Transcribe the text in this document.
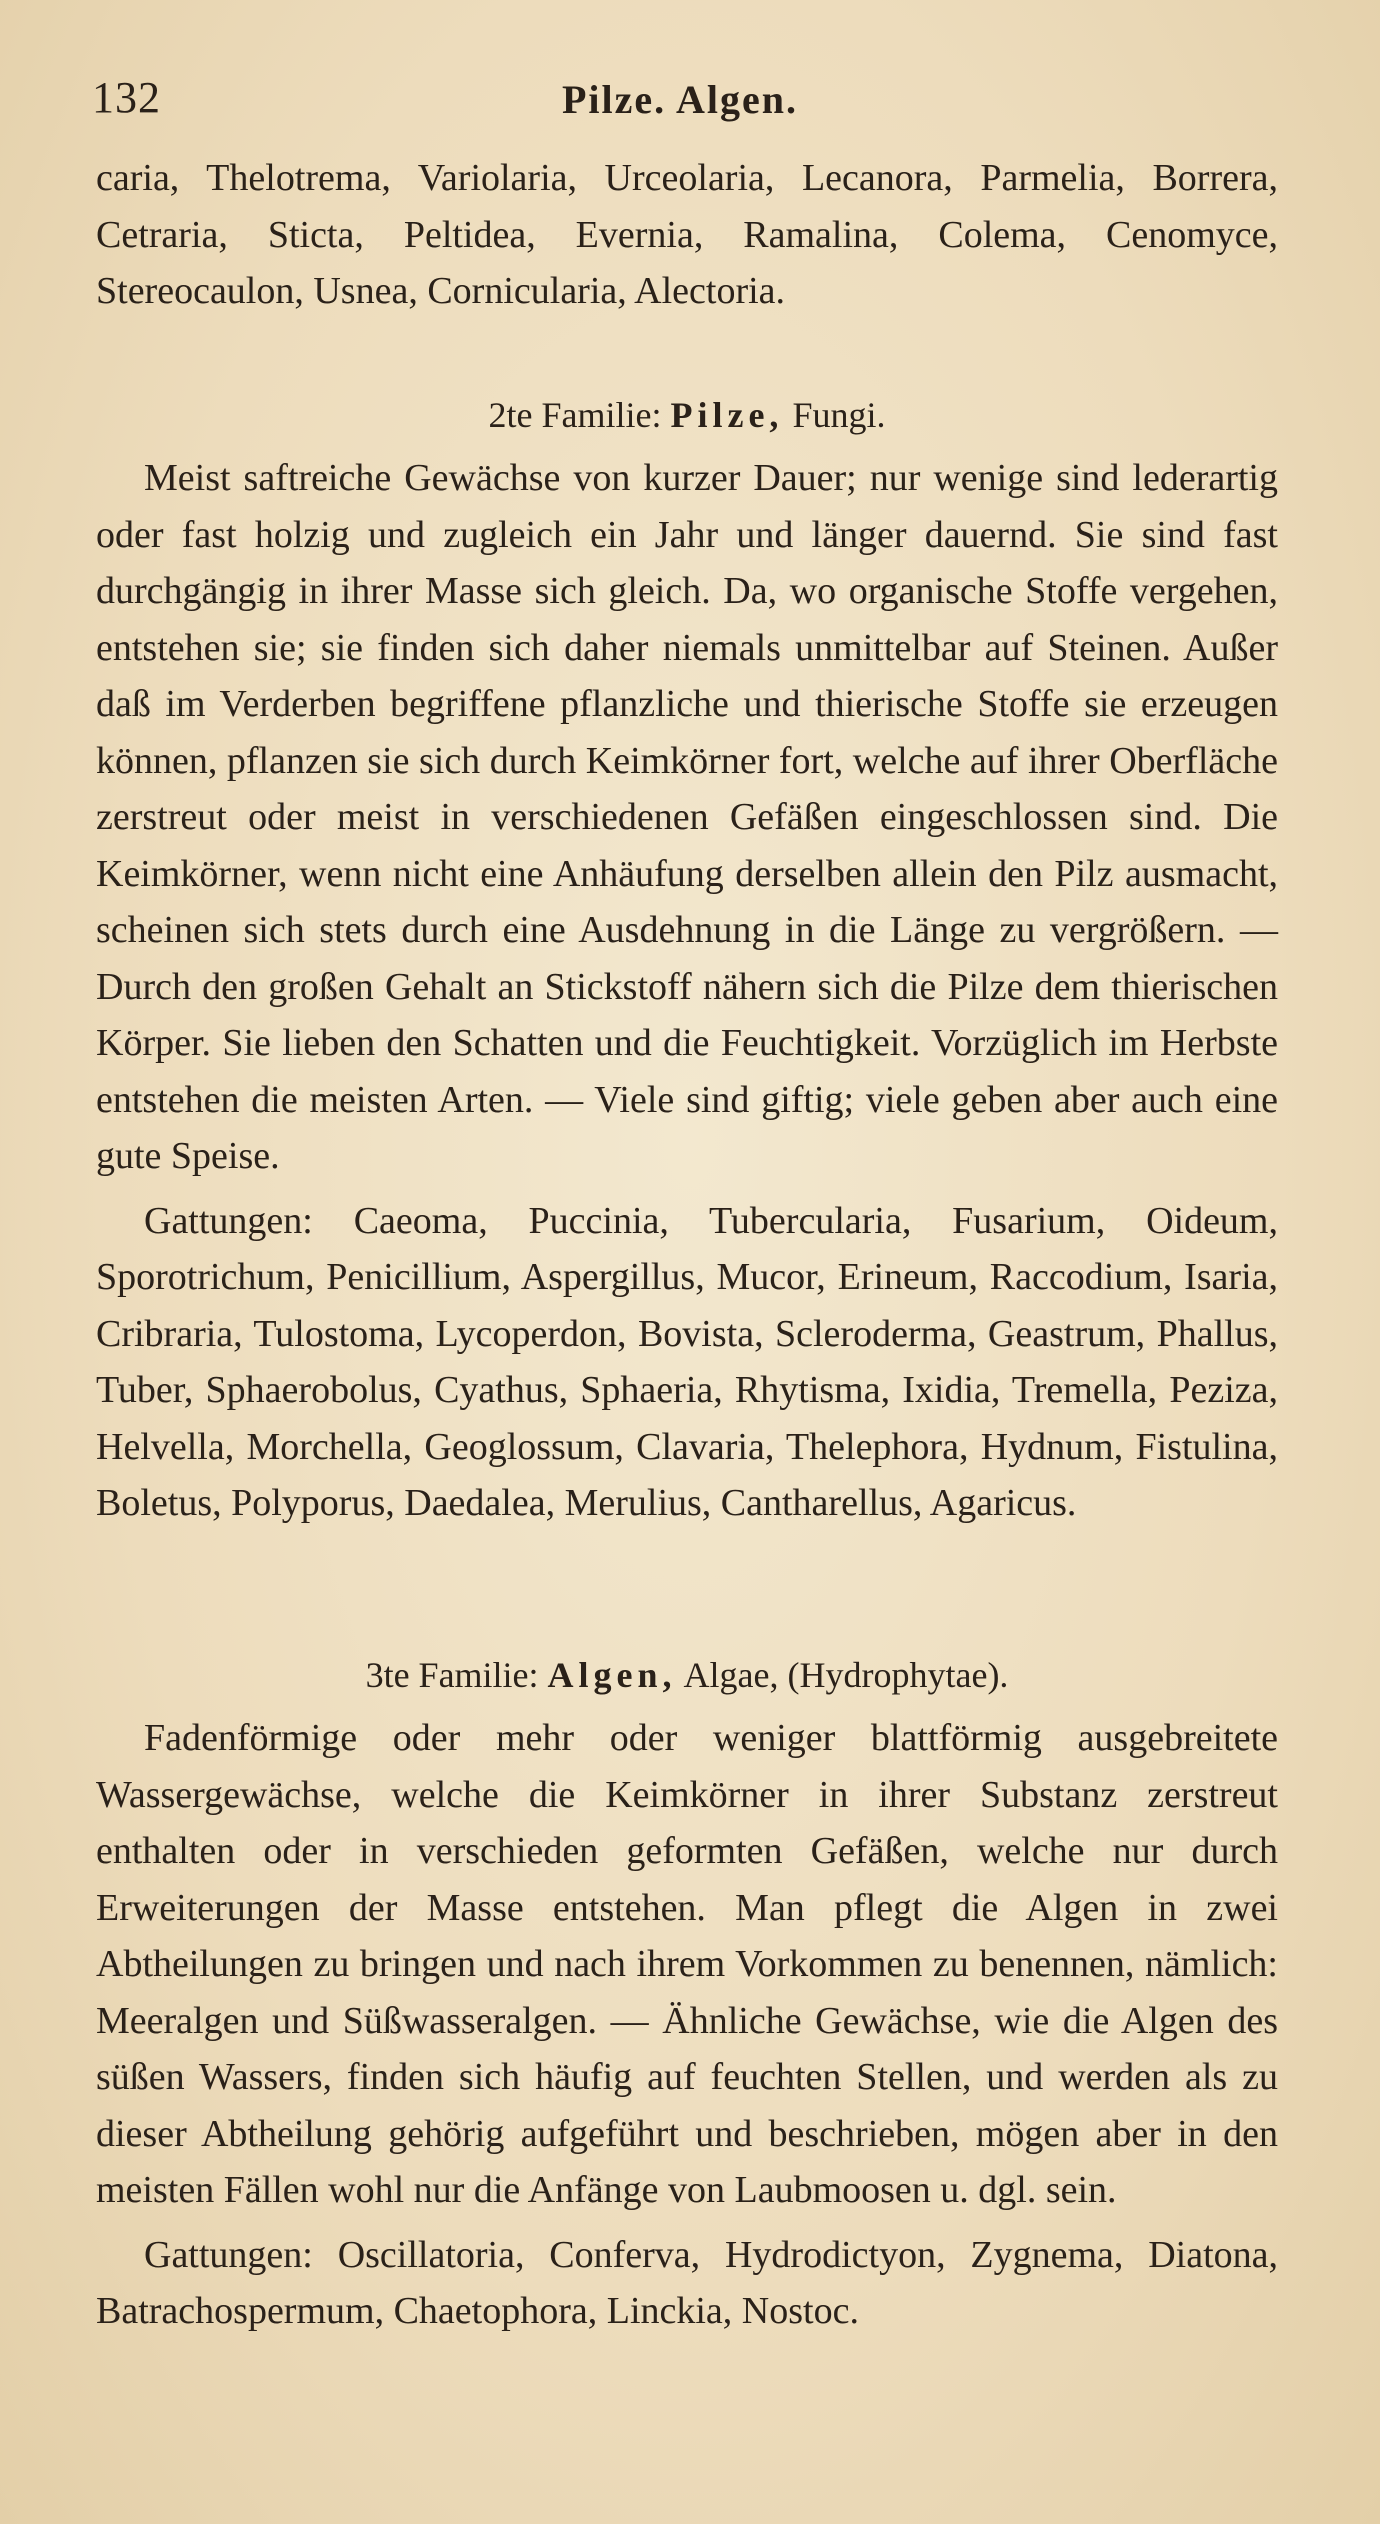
132	Pilze. Algen.

caria, Thelotrema, Variolaria, Urceolaria, Lecanora, Parmelia, Borrera, Cetraria, Sticta, Peltidea, Evernia, Ramalina, Colema, Cenomyce, Stereocaulon, Usnea, Cornicularia, Alectoria.

2te Familie: Pilze, Fungi.

Meist saftreiche Gewächse von kurzer Dauer; nur wenige sind lederartig oder fast holzig und zugleich ein Jahr und länger dauernd. Sie sind fast durchgängig in ihrer Masse sich gleich. Da, wo organische Stoffe vergehen, entstehen sie; sie finden sich daher niemals unmittelbar auf Steinen. Außer daß im Verderben begriffene pflanzliche und thierische Stoffe sie erzeugen können, pflanzen sie sich durch Keimkörner fort, welche auf ihrer Oberfläche zerstreut oder meist in verschiedenen Gefäßen eingeschlossen sind. Die Keimkörner, wenn nicht eine Anhäufung derselben allein den Pilz ausmacht, scheinen sich stets durch eine Ausdehnung in die Länge zu vergrößern. — Durch den großen Gehalt an Stickstoff nähern sich die Pilze dem thierischen Körper. Sie lieben den Schatten und die Feuchtigkeit. Vorzüglich im Herbste entstehen die meisten Arten. — Viele sind giftig; viele geben aber auch eine gute Speise.

Gattungen: Caeoma, Puccinia, Tubercularia, Fusarium, Oideum, Sporotrichum, Penicillium, Aspergillus, Mucor, Erineum, Raccodium, Isaria, Cribraria, Tulostoma, Lycoperdon, Bovista, Scleroderma, Geastrum, Phallus, Tuber, Sphaerobolus, Cyathus, Sphaeria, Rhytisma, Ixidia, Tremella, Peziza, Helvella, Morchella, Geoglossum, Clavaria, Thelephora, Hydnum, Fistulina, Boletus, Polyporus, Daedalea, Merulius, Cantharellus, Agaricus.

3te Familie: Algen, Algae, (Hydrophytae).

Fadenförmige oder mehr oder weniger blattförmig ausgebreitete Wassergewächse, welche die Keimkörner in ihrer Substanz zerstreut enthalten oder in verschieden geformten Gefäßen, welche nur durch Erweiterungen der Masse entstehen. Man pflegt die Algen in zwei Abtheilungen zu bringen und nach ihrem Vorkommen zu benennen, nämlich: Meeralgen und Süßwasseralgen. — Ähnliche Gewächse, wie die Algen des süßen Wassers, finden sich häufig auf feuchten Stellen, und werden als zu dieser Abtheilung gehörig aufgeführt und beschrieben, mögen aber in den meisten Fällen wohl nur die Anfänge von Laubmoosen u. dgl. sein.

Gattungen: Oscillatoria, Conferva, Hydrodictyon, Zygnema, Diatona, Batrachospermum, Chaetophora, Linckia, Nostoc.
